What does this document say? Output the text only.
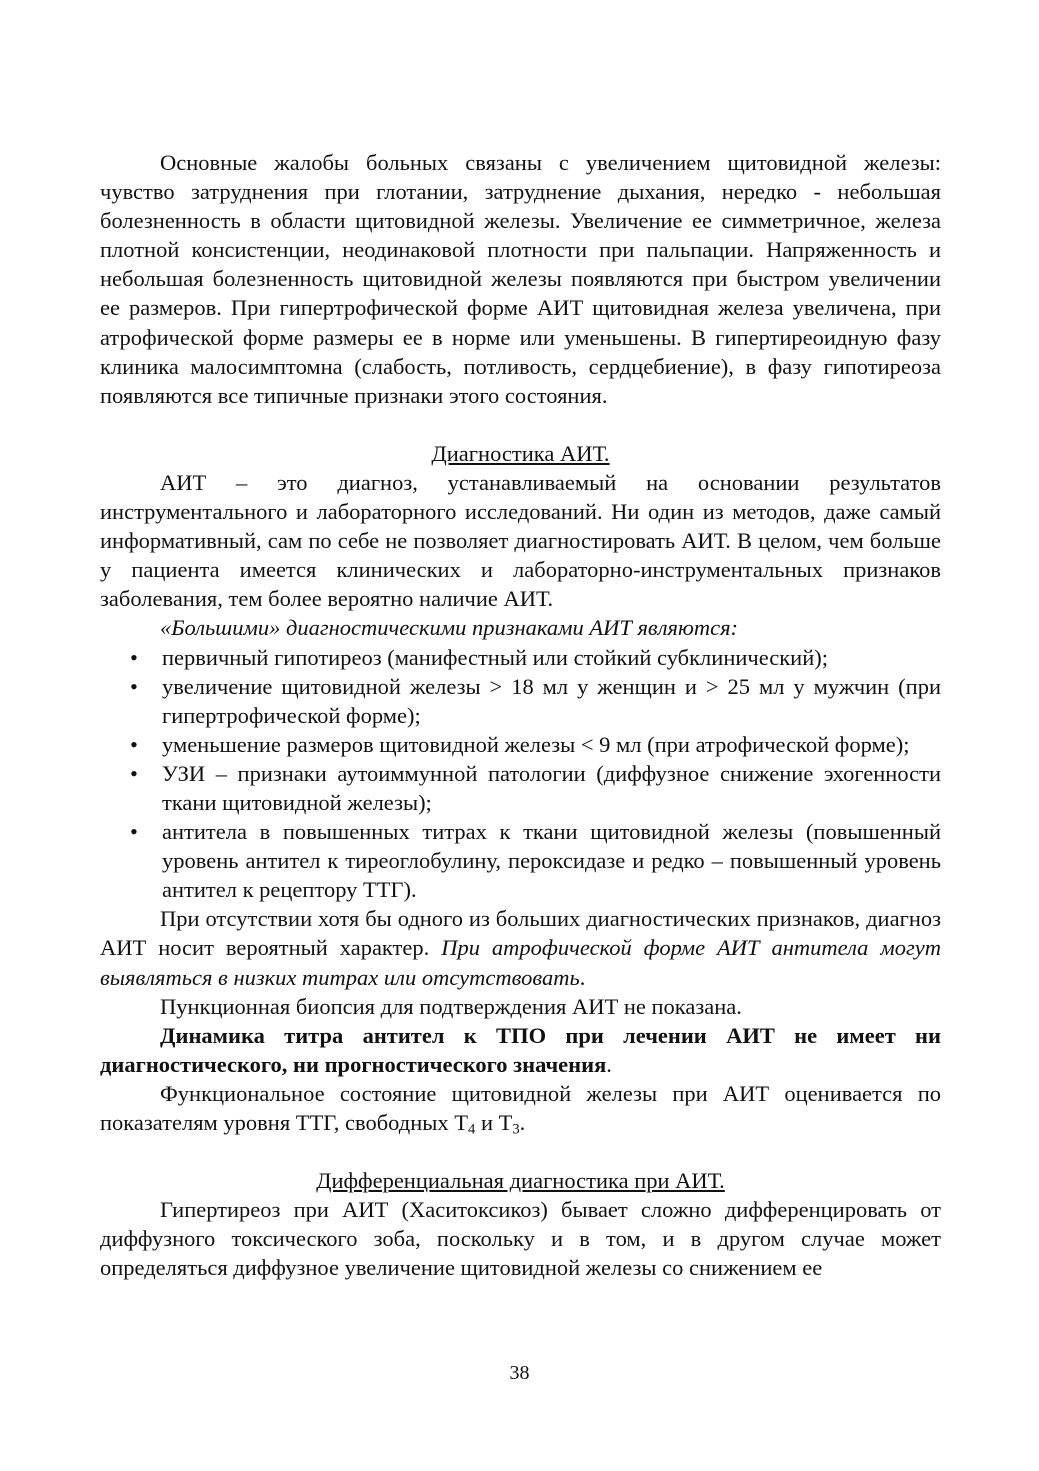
Основные жалобы больных связаны с увеличением щитовидной железы: чувство затруднения при глотании, затруднение дыхания, нередко - небольшая болезненность в области щитовидной железы. Увеличение ее симметричное, железа плотной консистенции, неодинаковой плотности при пальпации. Напряженность и небольшая болезненность щитовидной железы появляются при быстром увеличении ее размеров. При гипертрофической форме АИТ щитовидная железа увеличена, при атрофической форме размеры ее в норме или уменьшены. В гипертиреоидную фазу клиника малосимптомна (слабость, потливость, сердцебиение), в фазу гипотиреоза появляются все типичные признаки этого состояния.

Диагностика АИТ.

АИТ – это диагноз, устанавливаемый на основании результатов инструментального и лабораторного исследований. Ни один из методов, даже самый информативный, сам по себе не позволяет диагностировать АИТ. В целом, чем больше у пациента имеется клинических и лабораторно-инструментальных признаков заболевания, тем более вероятно наличие АИТ.

«Большими» диагностическими признаками АИТ являются:

• первичный гипотиреоз (манифестный или стойкий субклинический);
• увеличение щитовидной железы > 18 мл у женщин и > 25 мл у мужчин (при гипертрофической форме);
• уменьшение размеров щитовидной железы < 9 мл (при атрофической форме);
• УЗИ – признаки аутоиммунной патологии (диффузное снижение эхогенности ткани щитовидной железы);
• антитела в повышенных титрах к ткани щитовидной железы (повышенный уровень антител к тиреоглобулину, пероксидазе и редко – повышенный уровень антител к рецептору ТТГ).

При отсутствии хотя бы одного из больших диагностических признаков, диагноз АИТ носит вероятный характер. При атрофической форме АИТ антитела могут выявляться в низких титрах или отсутствовать.

Пункционная биопсия для подтверждения АИТ не показана.

Динамика титра антител к ТПО при лечении АИТ не имеет ни диагностического, ни прогностического значения.

Функциональное состояние щитовидной железы при АИТ оценивается по показателям уровня ТТГ, свободных $Т_4$ и $Т_3$.

Дифференциальная диагностика при АИТ.

Гипертиреоз при АИТ (Хаситоксикоз) бывает сложно дифференцировать от диффузного токсического зоба, поскольку и в том, и в другом случае может определяться диффузное увеличение щитовидной железы со снижением ее

38
